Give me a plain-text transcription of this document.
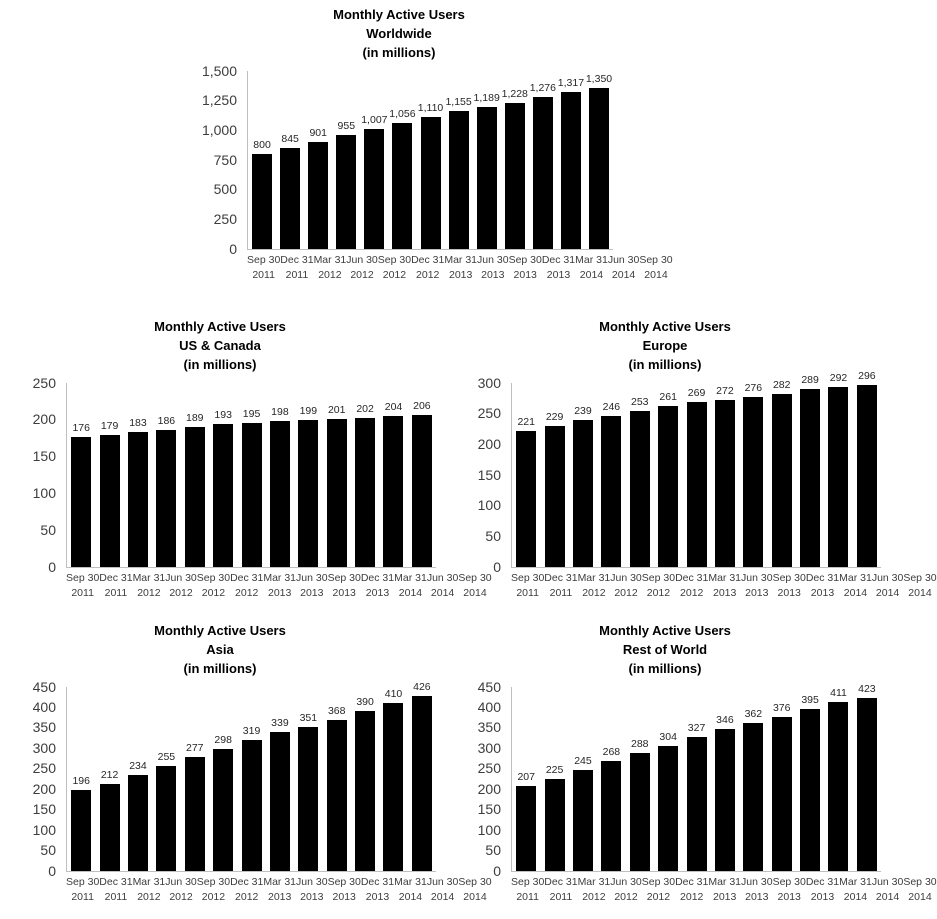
Monthly Active Users
Worldwide
(in millions)
0
250
500
750
1,000
1,250
1,500
800	845
901
955
1,007 1,056
1,110 1,155 1,189 1,228 1,276 1,317 1,350
Sep 30
2011
Dec 31
2011
Mar 31
2012
Jun 30
2012
Sep 30
2012
Dec 31
2012
Mar 31
2013
Jun 30
2013
Sep 30
2013
Dec 31
2013
Mar 31
2014
Jun 30
2014
Sep 30
2014
Monthly Active Users
US & Canada
(in millions)
0
50
100
150
200
250
176	179	183	186	189	193	195	198	199	201	202	204	206
Sep 30
2011
Dec 31
2011
Mar 31
2012
Jun 30
2012
Sep 30
2012
Dec 31
2012
Mar 31
2013
Jun 30
2013
Sep 30
2013
Dec 31
2013
Mar 31
2014
Jun 30
2014
Sep 30
2014
Monthly Active Users
Europe
(in millions)
0
50
100
150
200
250
300
221	229
239	246	253	261	269	272	276	282	289	292	296
Sep 30
2011
Dec 31
2011
Mar 31
2012
Jun 30
2012
Sep 30
2012
Dec 31
2012
Mar 31
2013
Jun 30
2013
Sep 30
2013
Dec 31
2013
Mar 31
2014
Jun 30
2014
Sep 30
2014
Monthly Active Users
Asia
(in millions)
0
50
100
150
200
250
300
350
400
450
196
212
234
255
277
298
319
339	351
368
390
410
426
Sep 30
2011
Dec 31
2011
Mar 31
2012
Jun 30
2012
Sep 30
2012
Dec 31
2012
Mar 31
2013
Jun 30
2013
Sep 30
2013
Dec 31
2013
Mar 31
2014
Jun 30
2014
Sep 30
2014
Monthly Active Users
Rest of World
(in millions)
0
50
100
150
200
250
300
350
400
450
207
225
245
268
288
304
327
346
362	376
395
411	423
Sep 30
2011
Dec 31
2011
Mar 31
2012
Jun 30
2012
Sep 30
2012
Dec 31
2012
Mar 31
2013
Jun 30
2013
Sep 30
2013
Dec 31
2013
Mar 31
2014
Jun 30
2014
Sep 30
2014
